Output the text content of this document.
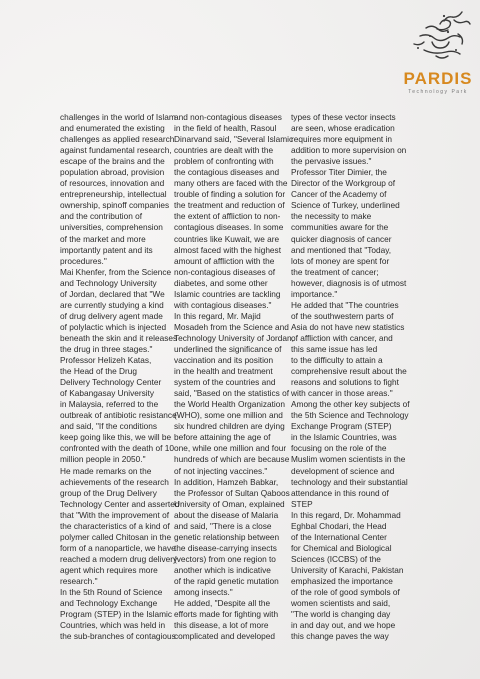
PARDIS
Technology Park
challenges in the world of Islam
and enumerated the existing
challenges as applied research
against fundamental research,
escape of the brains and the
population abroad, provision
of resources, innovation and
entrepreneurship, intellectual
ownership, spinoff companies
and the contribution of
universities, comprehension
of the market and more
importantly patent and its
procedures."
Mai Khenfer, from the Science
and Technology University
of Jordan, declared that "We
are currently studying a kind
of drug delivery agent made
of polylactic which is injected
beneath the skin and it releases
the drug in three stages."
Professor Helizeh Katas,
the Head of the Drug
Delivery Technology Center
of Kabangasay University
in Malaysia, referred to the
outbreak of antibiotic resistance
and said, "If the conditions
keep going like this, we will be
confronted with the death of 10
million people in 2050."
He made remarks on the
achievements of the research
group of the Drug Delivery
Technology Center and asserted
that "With the improvement of
the characteristics of a kind of
polymer called Chitosan in the
form of a nanoparticle, we have
reached a modern drug delivery
agent which requires more
research."
In the 5th Round of Science
and Technology Exchange
Program (STEP) in the Islamic
Countries, which was held in
the sub-branches of contagious
and non-contagious diseases
in the field of health, Rasoul
Dinarvand said, "Several Islamic
countries are dealt with the
problem of confronting with
the contagious diseases and
many others are faced with the
trouble of finding a solution for
the treatment and reduction of
the extent of affliction to non-
contagious diseases. In some
countries like Kuwait, we are
almost faced with the highest
amount of affliction with the
non-contagious diseases of
diabetes, and some other
Islamic countries are tackling
with contagious diseases."
In this regard, Mr. Majid
Mosadeh from the Science and
Technology University of Jordan,
underlined the significance of
vaccination and its position
in the health and treatment
system of the countries and
said, "Based on the statistics of
the World Health Organization
(WHO), some one million and
six hundred children are dying
before attaining the age of
one, while one million and four
hundreds of which are because
of not injecting vaccines."
In addition, Hamzeh Babkar,
the Professor of Sultan Qaboos
University of Oman, explained
about the disease of Malaria
and said, "There is a close
genetic relationship between
the disease-carrying insects
(vectors) from one region to
another which is indicative
of the rapid genetic mutation
among insects."
He added, "Despite all the
efforts made for fighting with
this disease, a lot of more
complicated and developed
types of these vector insects
are seen, whose eradication
requires more equipment in
addition to more supervision on
the pervasive issues."
Professor Titer Dimier, the
Director of the Workgroup of
Cancer of the Academy of
Science of Turkey, underlined
the necessity to make
communities aware for the
quicker diagnosis of cancer
and mentioned that "Today,
lots of money are spent for
the treatment of cancer;
however, diagnosis is of utmost
importance."
He added that "The countries
of the southwestern parts of
Asia do not have new statistics
of affliction with cancer, and
this same issue has led
to the difficulty to attain a
comprehensive result about the
reasons and solutions to fight
with cancer in those areas."
Among the other key subjects of
the 5th Science and Technology
Exchange Program (STEP)
in the Islamic Countries, was
focusing on the role of the
Muslim women scientists in the
development of science and
technology and their substantial
attendance in this round of
STEP
In this regard, Dr. Mohammad
Eghbal Chodari, the Head
of the International Center
for Chemical and Biological
Sciences (ICCBS) of the
University of Karachi, Pakistan
emphasized the importance
of the role of good symbols of
women scientists and said,
"The world is changing day
in and day out, and we hope
this change paves the way
